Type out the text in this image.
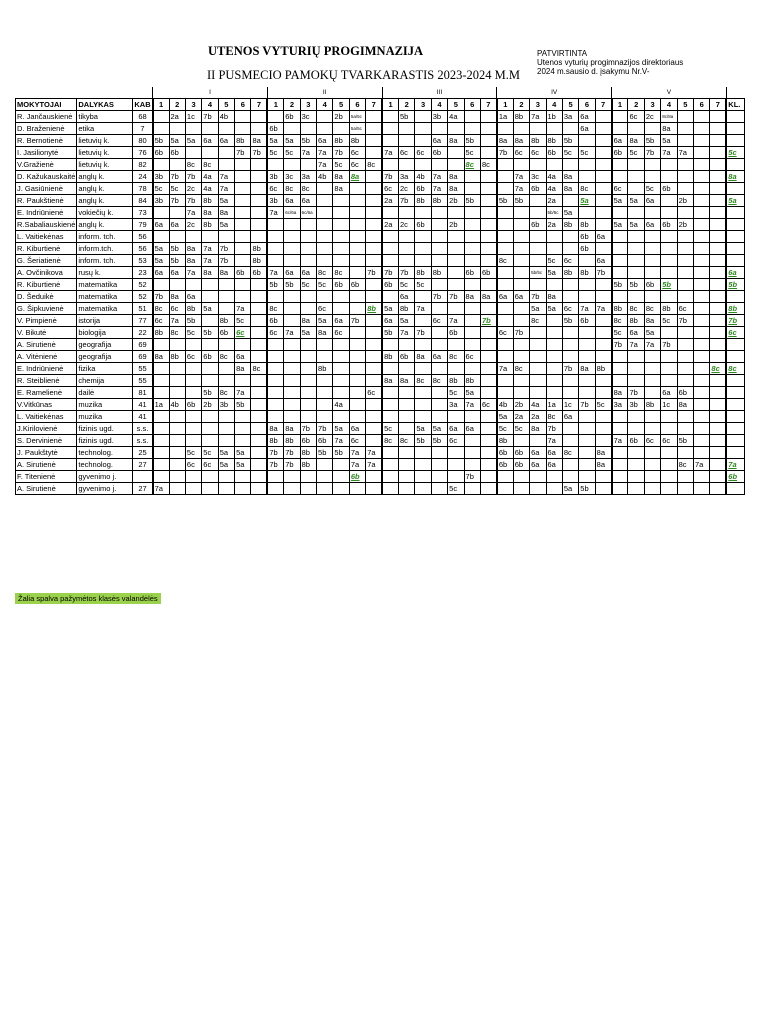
UTENOS VYTURIŲ PROGIMNAZIJA
II PUSMECIO PAMOKŲ TVARKARASTIS 2023-2024 M.M
PATVIRTINTA
Utenos vyturių progimnazijos direktoriaus
2024 m.sausio d. įsakymu Nr.V-
			I							II							III							IV							V							
MOKYTOJAI	DALYKAS	KAB	1	2	3	4	5	6	7	1	2	3	4	5	6	7	1	2	3	4	5	6	7	1	2	3	4	5	6	7	1	2	3	4	5	6	7	KL.
R. Jančauskienė	tikyba	68		2a	1c	7b	4b				6b	3c		2b	5a/5c			5b		3b	4a			1a	8b	7a	1b	3a	6a			6c	2c	8c/8a				
D. Braženienė	etika	7								6b					5a/5c														6a					8a				
R. Bernotienė	lietuvių k.	80	5b	5a	5a	6a	6a	8b	8a	5a	5a	5b	6a	8b	8b					6a	8a	5b		8a	8a	8b	8b	5b			6a	8a	5b	5a				
I. Jasilionytė	lietuvių k.	76	6b	6b				7b	7b	5c	5c	7a	7a	7b	6c		7a	6c	6c	6b		5c		7b	6c	6c	6b	5c	5c		6b	5c	7b	7a	7a			5c
V.Gražienė	lietuvių k.	82			8c	8c							7a	5c	6c	8c						8c	8c															
D. Kažukauskaitė	anglų k.	24	3b	7b	7b	4a	7a			3b	3c	3a	4b	8a	8a		7b	3a	4b	7a	8a				7a	3c	4a	8a										8a
J. Gasiūnienė	anglų k.	78	5c	5c	2c	4a	7a			6c	8c	8c		8a			6c	2c	6b	7a	8a				7a	6b	4a	8a	8c		6c		5c	6b				
R. Paukštienė	anglų k.	84	3b	7b	7b	8b	5a			3b	6a	6a					2a	7b	8b	8b	2b	5b		5b	5b		2a		5a		5a	5a	6a		2b			5a
E. Indriūnienė	vokiečių k.	73			7a	8a	8a			7a	6c/6a	6c/6a															5b/5c	5a										
R.Sabaliauskienė	anglų k.	79	6a	6a	2c	8b	5a										2a	2c	6b		2b					6b	2a	8b	8b		5a	5a	6a	6b	2b			
L. Vaitiekėnas	inform. tch.	56																											6b	6a								
R. Kiburtienė	inform.tch.	56	5a	5b	8a	7a	7b		8b																				6b									
G. Šeriatienė	inform. tch.	53	5a	5b	8a	7a	7b		8b															8c			5c	6c		6a								
A. Ovčinikova	rusų k.	23	6a	6a	7a	8a	8a	6b	6b	7a	6a	6a	8c	8c		7b	7b	7b	8b	8b		6b	6b			5b/5c	5a	8b	8b	7b								6a
R. Kiburtienė	matematika	52								5b	5b	5c	5c	6b	6b		6b	5c	5c												5b	5b	6b	5b				5b
D. Šeduikė	matematika	52	7b	8a	6a													6a		7b	7b	8a	8a	6a	6a	7b	8a											
G. Šipkuvienė	matematika	51	8c	6c	8b	5a		7a		8c			6c			8b	5a	8b	7a							5a	5a	6c	7a	7a	8b	8c	8c	8b	6c			8b
V. Pimpienė	istorija	77	6c	7a	5b		8b	5c		6b		8a	5a	6a	7b		6a	5a		6c	7a		7b			8c		5b	6b		8c	8b	8a	5c	7b			7b
V. Bikutė	biologija	22	8b	8c	5c	5b	6b	6c		6c	7a	5a	8a	6c			5b	7a	7b		6b			6c	7b						5c	6a	5a					6c
A. Sirutienė	geografija	69																													7b	7a	7a	7b				
A. Vitėnienė	geografija	69	8a	8b	6c	6b	8c	6a									8b	6b	8a	6a	8c	6c																
E. Indriūnienė	fizika	55						8a	8c				8b											7a	8c			7b	8a	8b							8c	8c
R. Steiblienė	chemija	55															8a	8a	8c	8c	8b	8b																
E. Ramelienė	dailė	81				5b	8c	7a								6c					5c	5a									8a	7b		6a	6b			
V.Vitkūnas	muzika	41	1a	4b	6b	2b	3b	5b						4a							3a	7a	6c	4b	2b	4a	1a	1c	7b	5c	3a	3b	8b	1c	8a			
L. Vaitiekėnas	muzika	41																						5a	2a	2a	8c	6a										
J.Kirilovienė	fizinis ugd.	s.s.								8a	8a	7b	7b	5a	6a		5c		5a	5a	6a	6a		5c	5c	8a	7b											
S. Dervinienė	fizinis ugd.	s.s.								8b	8b	6b	6b	7a	6c		8c	8c	5b	5b	6c			8b			7a				7a	6b	6c	6c	5b			
J. Paukštytė	technolog.	25			5c	5c	5a	5a		7b	7b	8b	5b	5b	7a	7a								6b	6b	6a	6a	8c		8a								
A. Sirutienė	technolog.	27			6c	6c	5a	5a		7b	7b	8b			7a	7a								6b	6b	6a	6a			8a					8c	7a		7a
F. Titenienė	gyvenimo j.														6b							7b																6b
A. Sirutienė	gyvenimo j.	27	7a																		5c							5a	5b									
Žalia spalva pažymėtos klasės valandėlės
